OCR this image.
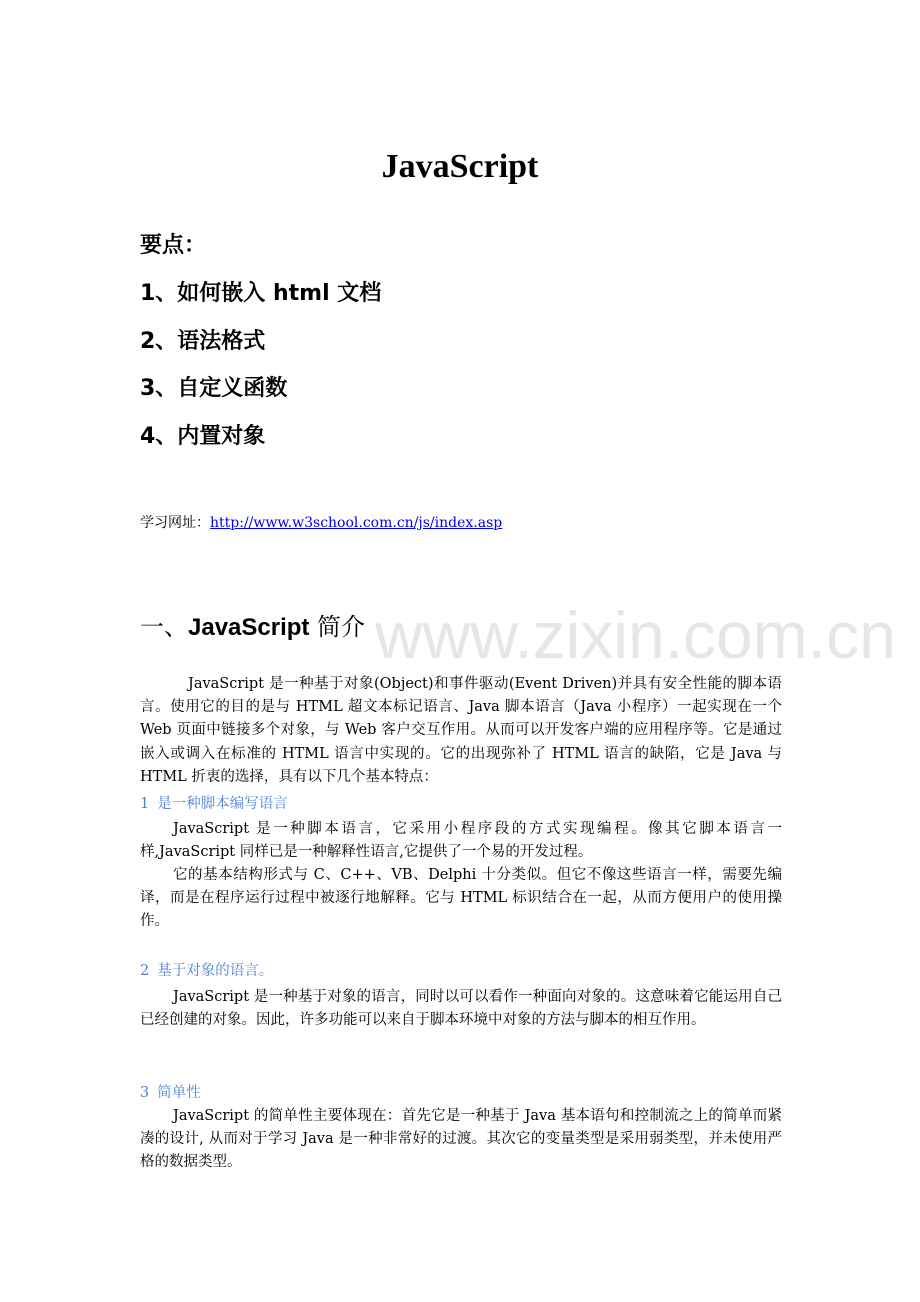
JavaScript
要点：
1、如何嵌入 html 文档
2、语法格式
3、自定义函数
4、内置对象
学习网址：http://www.w3school.com.cn/js/index.asp
www.zixin.com.cn
一、JavaScript 简介

JavaScript 是一种基于对象(Object)和事件驱动(Event Driven)并具有安全性能的脚本语言。使用它的目的是与 HTML 超文本标记语言、Java 脚本语言（Java 小程序）一起实现在一个 Web 页面中链接多个对象，与 Web 客户交互作用。从而可以开发客户端的应用程序等。它是通过嵌入或调入在标准的 HTML 语言中实现的。它的出现弥补了 HTML 语言的缺陷，它是 Java 与 HTML 折衷的选择，具有以下几个基本特点：

1 是一种脚本编写语言

JavaScript 是一种脚本语言，它采用小程序段的方式实现编程。像其它脚本语言一样,JavaScript 同样已是一种解释性语言,它提供了一个易的开发过程。

它的基本结构形式与 C、C++、VB、Delphi 十分类似。但它不像这些语言一样，需要先编译，而是在程序运行过程中被逐行地解释。它与 HTML 标识结合在一起，从而方便用户的使用操作。

2 基于对象的语言。

JavaScript 是一种基于对象的语言，同时以可以看作一种面向对象的。这意味着它能运用自己已经创建的对象。因此，许多功能可以来自于脚本环境中对象的方法与脚本的相互作用。

3 简单性

JavaScript 的简单性主要体现在：首先它是一种基于 Java 基本语句和控制流之上的简单而紧凑的设计, 从而对于学习 Java 是一种非常好的过渡。其次它的变量类型是采用弱类型，并未使用严格的数据类型。
